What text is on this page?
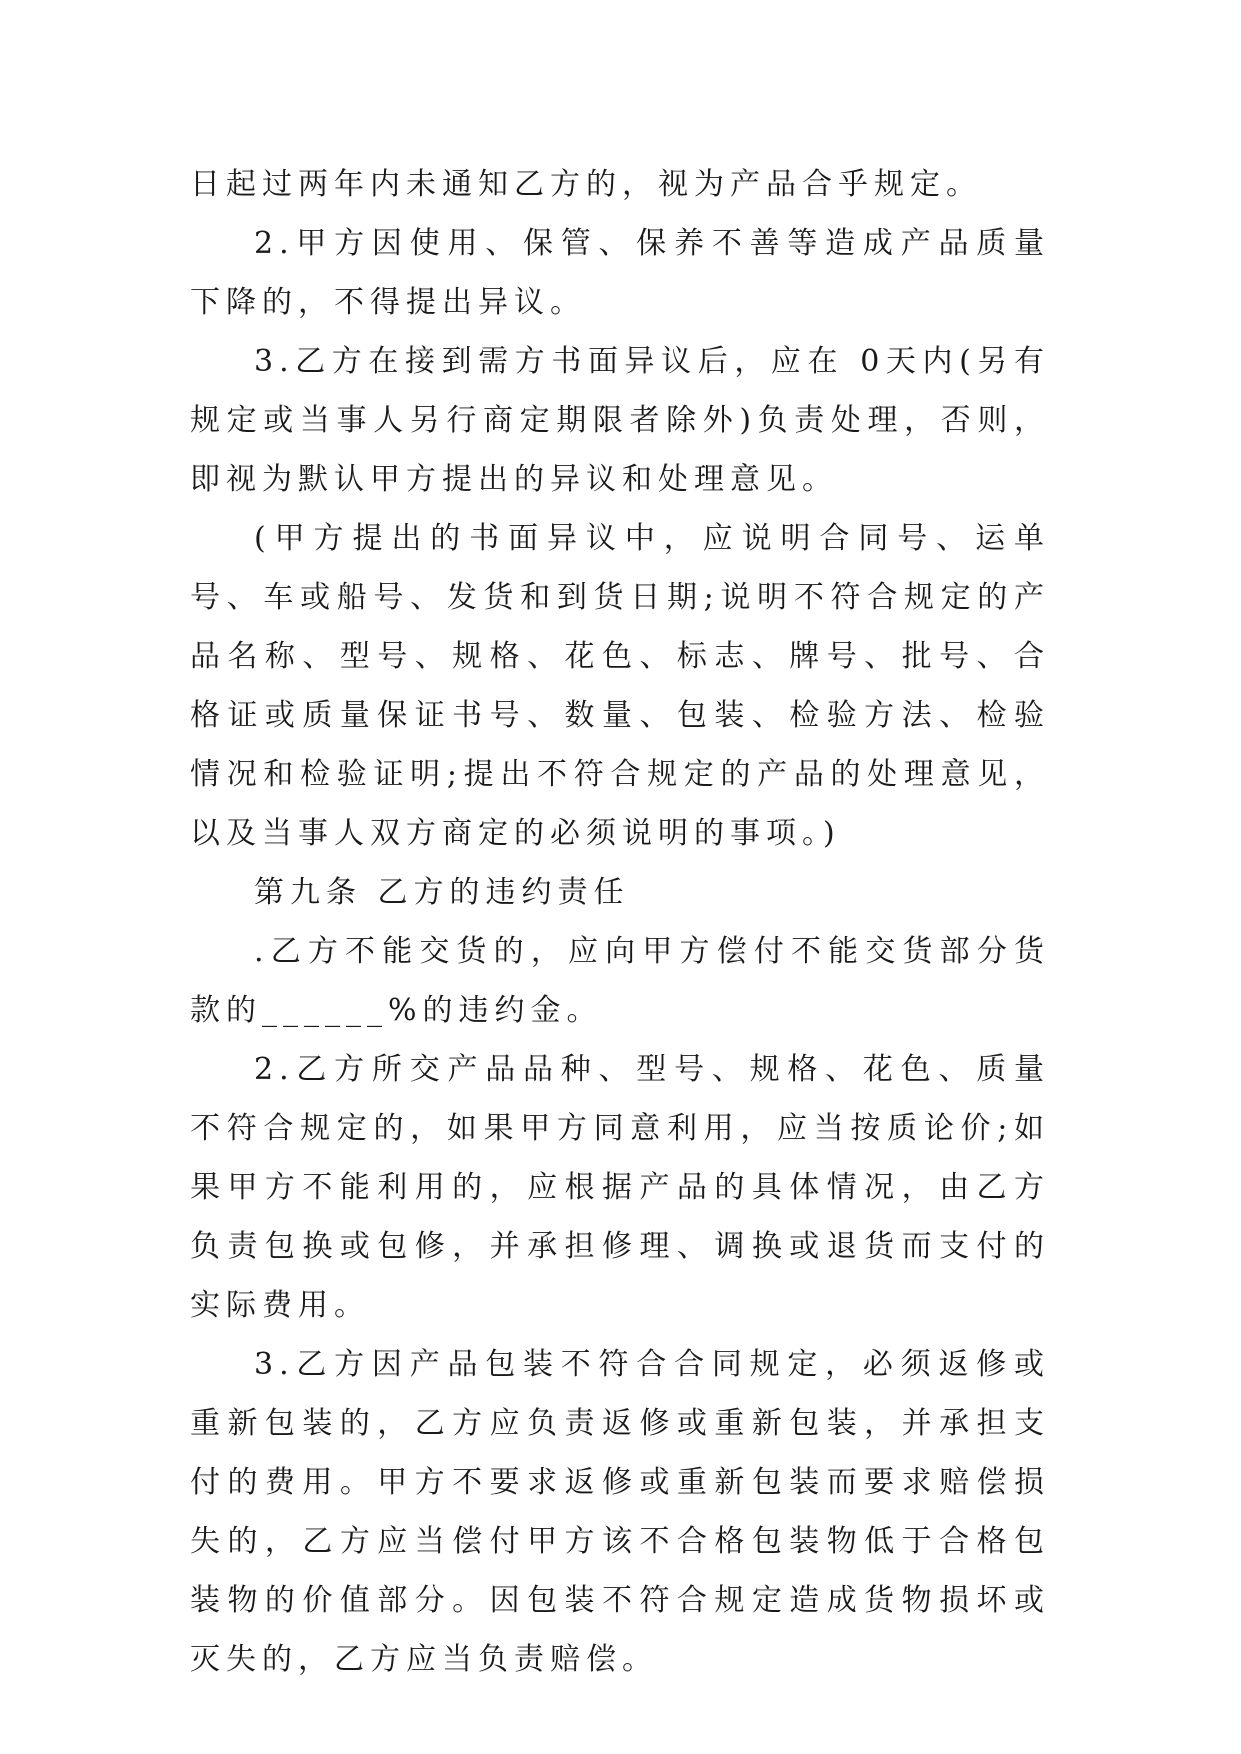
日起过两年内未通知乙方的，视为产品合乎规定。

2.甲方因使用、保管、保养不善等造成产品质量下降的，不得提出异议。

3.乙方在接到需方书面异议后，应在 0天内(另有规定或当事人另行商定期限者除外)负责处理，否则，即视为默认甲方提出的异议和处理意见。

(甲方提出的书面异议中，应说明合同号、运单号、车或船号、发货和到货日期;说明不符合规定的产品名称、型号、规格、花色、标志、牌号、批号、合格证或质量保证书号、数量、包装、检验方法、检验情况和检验证明;提出不符合规定的产品的处理意见，以及当事人双方商定的必须说明的事项。)

第九条 乙方的违约责任

.乙方不能交货的，应向甲方偿付不能交货部分货款的______%的违约金。

2.乙方所交产品品种、型号、规格、花色、质量不符合规定的，如果甲方同意利用，应当按质论价;如果甲方不能利用的，应根据产品的具体情况，由乙方负责包换或包修，并承担修理、调换或退货而支付的实际费用。

3.乙方因产品包装不符合合同规定，必须返修或重新包装的，乙方应负责返修或重新包装，并承担支付的费用。甲方不要求返修或重新包装而要求赔偿损失的，乙方应当偿付甲方该不合格包装物低于合格包装物的价值部分。因包装不符合规定造成货物损坏或灭失的，乙方应当负责赔偿。
